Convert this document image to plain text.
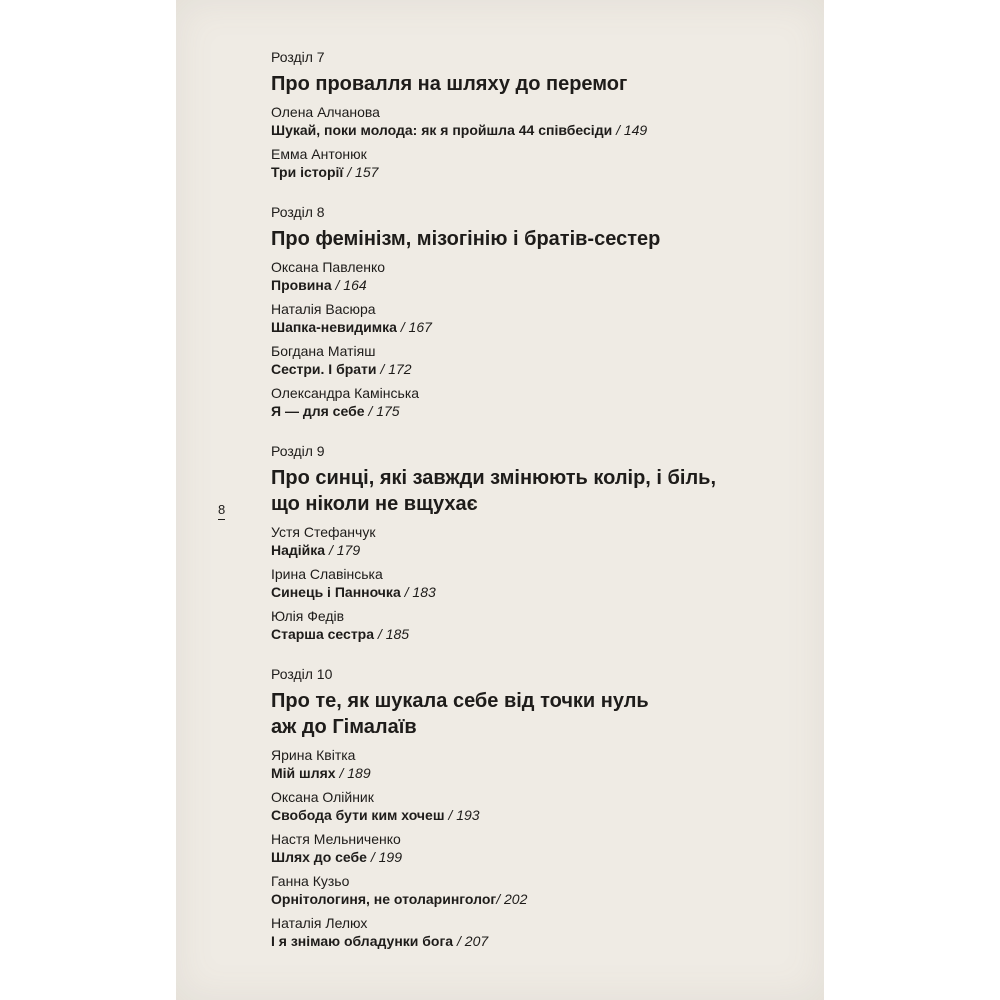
8
Розділ 7
Про провалля на шляху до перемог
Олена Алчанова
Шукай, поки молода: як я пройшла 44 співбесіди / 149
Емма Антонюк
Три історії / 157
Розділ 8
Про фемінізм, мізогінію і братів-сестер
Оксана Павленко
Провина / 164
Наталія Васюра
Шапка-невидимка / 167
Богдана Матіяш
Сестри. І брати / 172
Олександра Камінська
Я — для себе / 175
Розділ 9
Про синці, які завжди змінюють колір, і біль,
що ніколи не вщухає
Устя Стефанчук
Надійка / 179
Ірина Славінська
Синець і Панночка / 183
Юлія Федів
Старша сестра / 185
Розділ 10
Про те, як шукала себе від точки нуль
аж до Гімалаїв
Ярина Квітка
Мій шлях / 189
Оксана Олійник
Свобода бути ким хочеш / 193
Настя Мельниченко
Шлях до себе / 199
Ганна Кузьо
Орнітологиня, не отоларинголог/ 202
Наталія Лелюх
І я знімаю обладунки бога / 207
